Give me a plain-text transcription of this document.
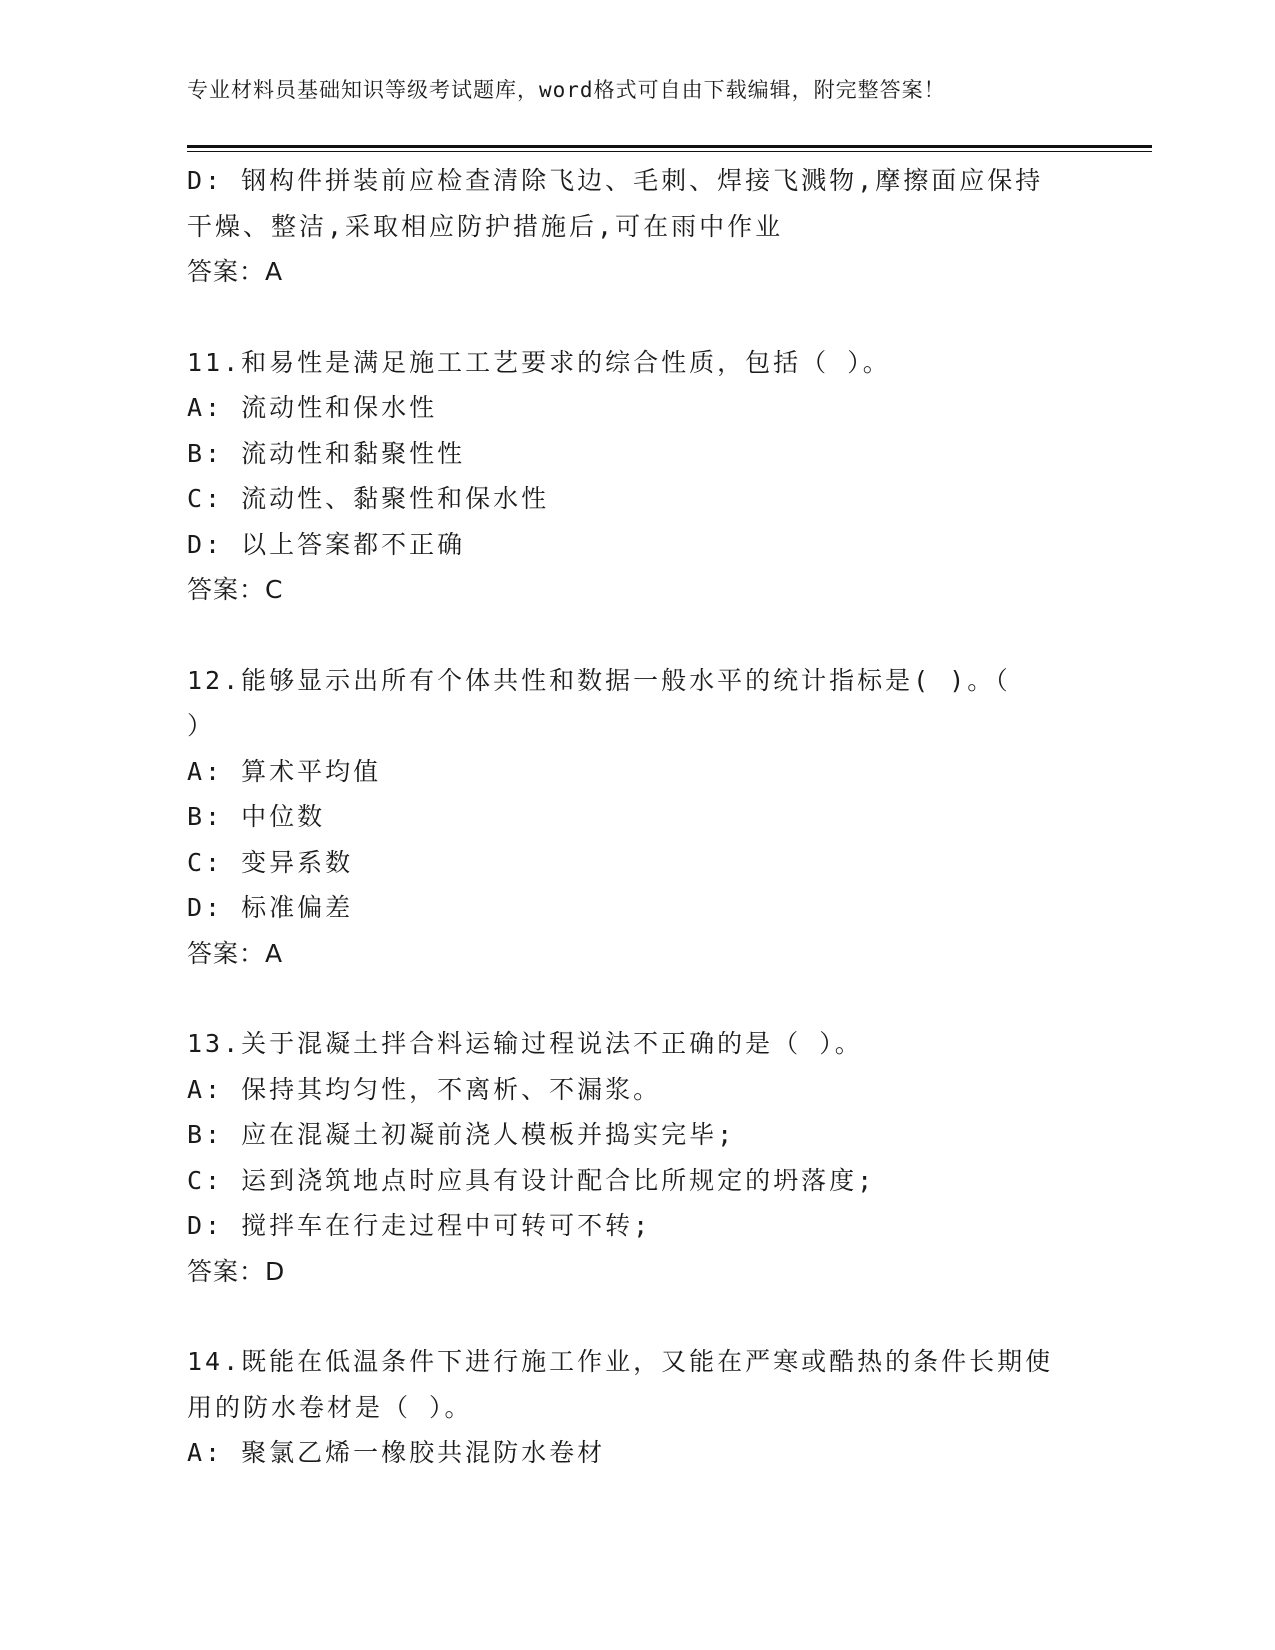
专业材料员基础知识等级考试题库，word格式可自由下载编辑，附完整答案！
D: 钢构件拼装前应检查清除飞边、毛刺、焊接飞溅物,摩擦面应保持
干燥、整洁,采取相应防护措施后,可在雨中作业
答案：A
11.和易性是满足施工工艺要求的综合性质，包括（ ）。
A: 流动性和保水性
B: 流动性和黏聚性性
C: 流动性、黏聚性和保水性
D: 以上答案都不正确
答案：C
12.能够显示出所有个体共性和数据一般水平的统计指标是( )。（
）
A: 算术平均值
B: 中位数
C: 变异系数
D: 标准偏差
答案：A
13.关于混凝土拌合料运输过程说法不正确的是（ ）。
A: 保持其均匀性，不离析、不漏浆。
B: 应在混凝土初凝前浇人模板并捣实完毕;
C: 运到浇筑地点时应具有设计配合比所规定的坍落度;
D: 搅拌车在行走过程中可转可不转;
答案：D
14.既能在低温条件下进行施工作业，又能在严寒或酷热的条件长期使
用的防水卷材是（ ）。
A: 聚氯乙烯一橡胶共混防水卷材
